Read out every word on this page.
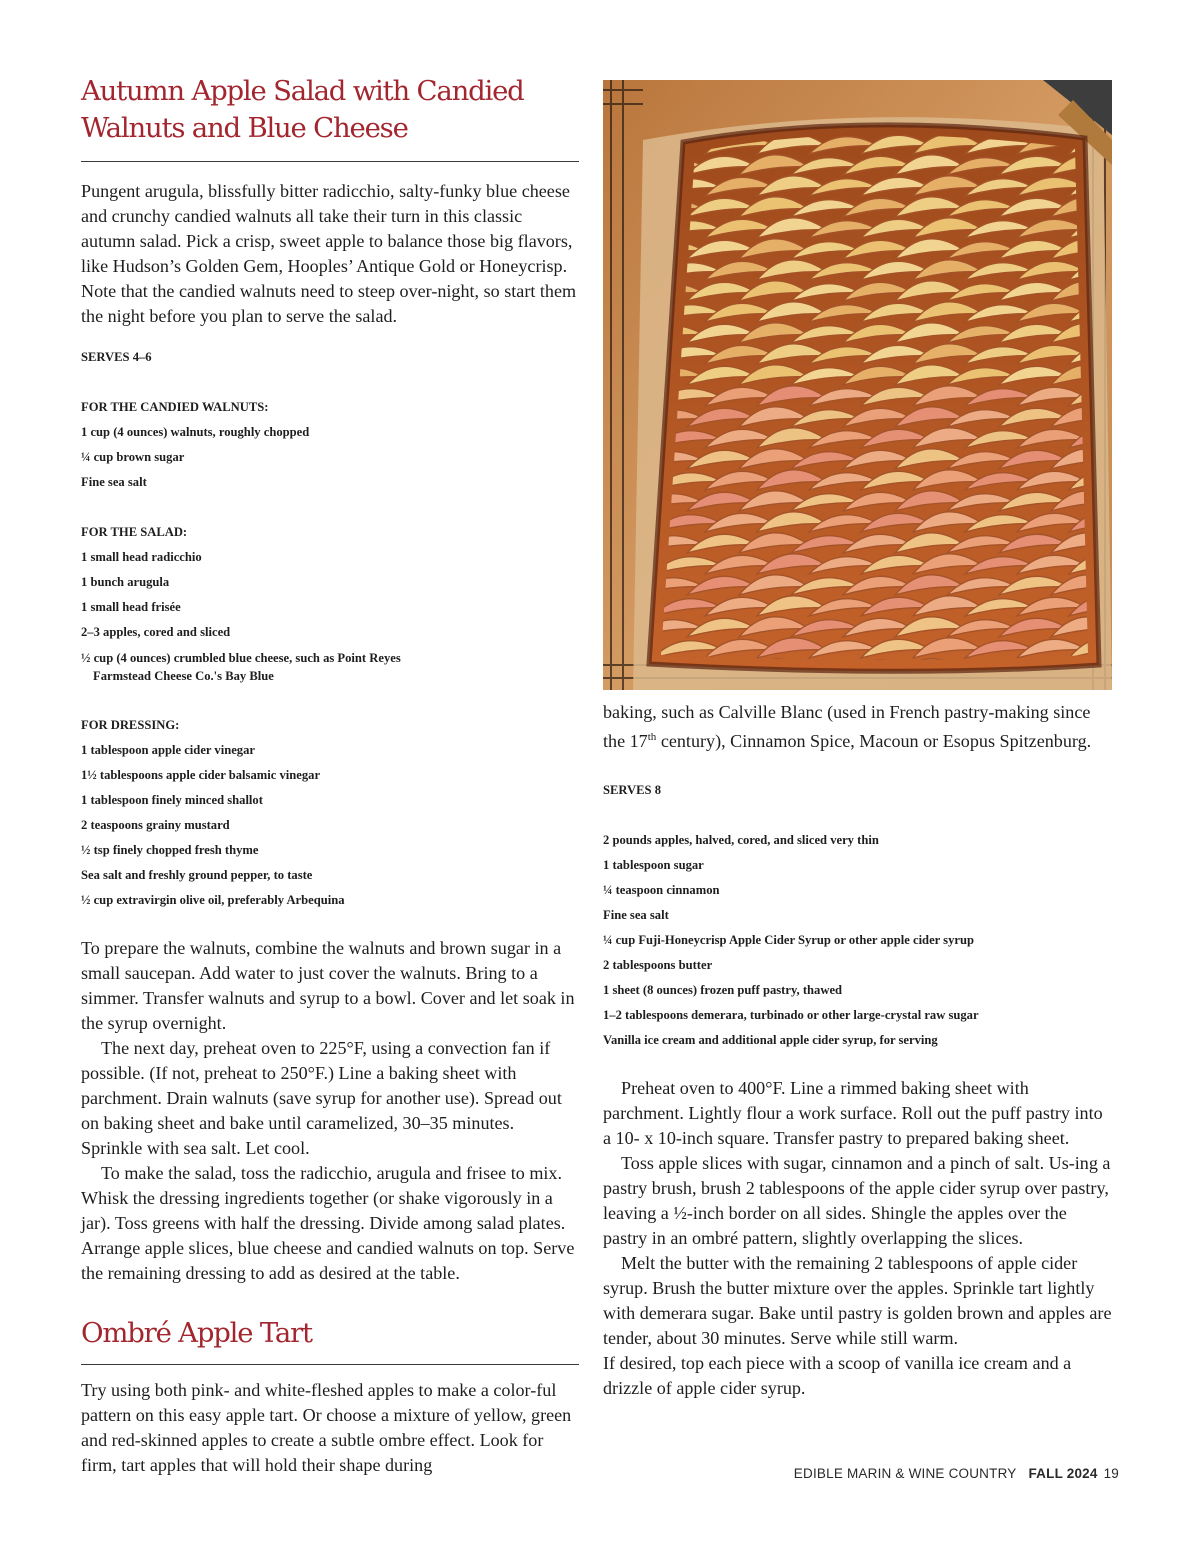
Autumn Apple Salad with Candied
Walnuts and Blue Cheese

Pungent arugula, blissfully bitter radicchio, salty-funky blue cheese and crunchy candied walnuts all take their turn in this classic autumn salad. Pick a crisp, sweet apple to balance those big flavors, like Hudson’s Golden Gem, Hooples’ Antique Gold or Honeycrisp. Note that the candied walnuts need to steep over-night, so start them the night before you plan to serve the salad.

SERVES 4–6

FOR THE CANDIED WALNUTS:

1 cup (4 ounces) walnuts, roughly chopped
¼ cup brown sugar
Fine sea salt

FOR THE SALAD:

1 small head radicchio
1 bunch arugula
1 small head frisée
2–3 apples, cored and sliced
½ cup (4 ounces) crumbled blue cheese, such as Point Reyes
Farmstead Cheese Co.'s Bay Blue

FOR DRESSING:

1 tablespoon apple cider vinegar
1½ tablespoons apple cider balsamic vinegar
1 tablespoon finely minced shallot
2 teaspoons grainy mustard
½ tsp finely chopped fresh thyme
Sea salt and freshly ground pepper, to taste
½ cup extravirgin olive oil, preferably Arbequina

To prepare the walnuts, combine the walnuts and brown sugar in a small saucepan. Add water to just cover the walnuts. Bring to a simmer. Transfer walnuts and syrup to a bowl. Cover and let soak in the syrup overnight.

The next day, preheat oven to 225°F, using a convection fan if possible. (If not, preheat to 250°F.) Line a baking sheet with parchment. Drain walnuts (save syrup for another use). Spread out on baking sheet and bake until caramelized, 30–35 minutes. Sprinkle with sea salt. Let cool.

To make the salad, toss the radicchio, arugula and frisee to mix. Whisk the dressing ingredients together (or shake vigorously in a jar). Toss greens with half the dressing. Divide among salad plates. Arrange apple slices, blue cheese and candied walnuts on top. Serve the remaining dressing to add as desired at the table.

Ombré Apple Tart

Try using both pink- and white-fleshed apples to make a color-ful pattern on this easy apple tart. Or choose a mixture of yellow, green and red-skinned apples to create a subtle ombre effect. Look for firm, tart apples that will hold their shape during

baking, such as Calville Blanc (used in French pastry-making since the 17th century), Cinnamon Spice, Macoun or Esopus Spitzenburg.

SERVES 8

2 pounds apples, halved, cored, and sliced very thin
1 tablespoon sugar
¼ teaspoon cinnamon
Fine sea salt
¼ cup Fuji-Honeycrisp Apple Cider Syrup or other apple cider syrup
2 tablespoons butter
1 sheet (8 ounces) frozen puff pastry, thawed
1–2 tablespoons demerara, turbinado or other large-crystal raw sugar
Vanilla ice cream and additional apple cider syrup, for serving

Preheat oven to 400°F. Line a rimmed baking sheet with parchment. Lightly flour a work surface. Roll out the puff pastry into a 10- x 10-inch square. Transfer pastry to prepared baking sheet.

Toss apple slices with sugar, cinnamon and a pinch of salt. Us-ing a pastry brush, brush 2 tablespoons of the apple cider syrup over pastry, leaving a ½-inch border on all sides. Shingle the apples over the pastry in an ombré pattern, slightly overlapping the slices.

Melt the butter with the remaining 2 tablespoons of apple cider syrup. Brush the butter mixture over the apples. Sprinkle tart lightly with demerara sugar. Bake until pastry is golden brown and apples are tender, about 30 minutes. Serve while still warm.

If desired, top each piece with a scoop of vanilla ice cream and a drizzle of apple cider syrup.

EDIBLE MARIN & WINE COUNTRY FALL 2024 19
